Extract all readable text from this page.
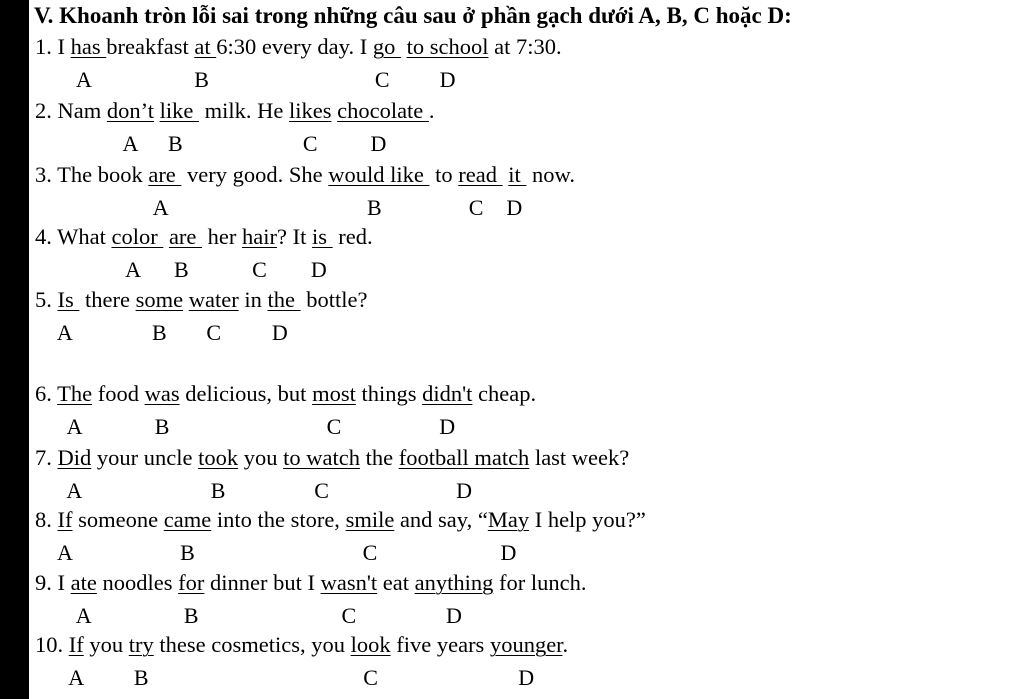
V. Khoanh tròn lỗi sai trong những câu sau ở phần gạch dưới A, B, C hoặc D:
1. I has breakfast at 6:30 every day. I go  to school at 7:30.
A	B	C D
2. Nam don’t like  milk. He likes chocolate .
A B	C D
3. The book are  very good. She would like  to read  it  now.
A	B	C D
4. What color  are  her hair? It is  red.
A B	C D
5. Is  there some water in the  bottle?
A	B C D
6. The food was delicious, but most things didn't cheap.
A	B	C	D
7. Did your uncle took you to watch the football match last week?
A	B	C	D
8. If someone came into the store, smile and say, “May I help you?”
A	B	C	D
9. I ate noodles for dinner but I wasn't eat anything for lunch.
A	B	C	D
10. If you try these cosmetics, you look five years younger.
A B	C	D
